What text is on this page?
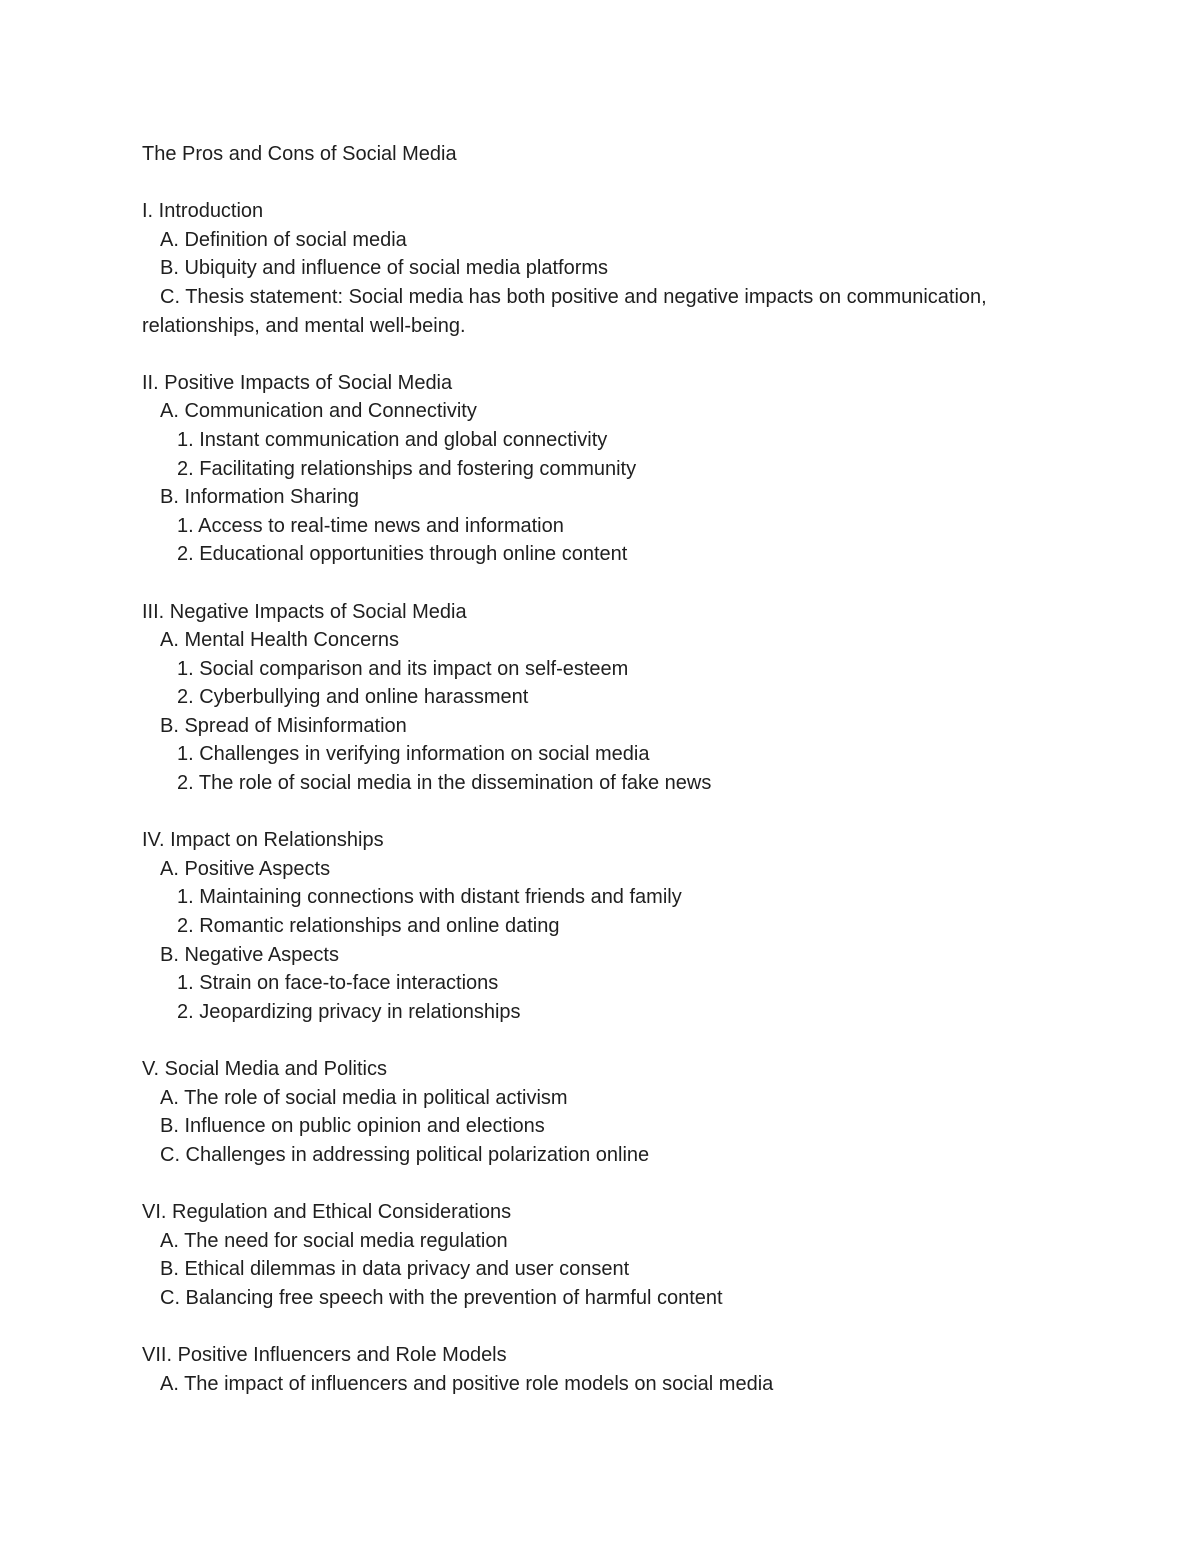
The Pros and Cons of Social Media
I. Introduction
A. Definition of social media
B. Ubiquity and influence of social media platforms
C. Thesis statement: Social media has both positive and negative impacts on communication,
relationships, and mental well-being.
II. Positive Impacts of Social Media
A. Communication and Connectivity
1. Instant communication and global connectivity
2. Facilitating relationships and fostering community
B. Information Sharing
1. Access to real-time news and information
2. Educational opportunities through online content
III. Negative Impacts of Social Media
A. Mental Health Concerns
1. Social comparison and its impact on self-esteem
2. Cyberbullying and online harassment
B. Spread of Misinformation
1. Challenges in verifying information on social media
2. The role of social media in the dissemination of fake news
IV. Impact on Relationships
A. Positive Aspects
1. Maintaining connections with distant friends and family
2. Romantic relationships and online dating
B. Negative Aspects
1. Strain on face-to-face interactions
2. Jeopardizing privacy in relationships
V. Social Media and Politics
A. The role of social media in political activism
B. Influence on public opinion and elections
C. Challenges in addressing political polarization online
VI. Regulation and Ethical Considerations
A. The need for social media regulation
B. Ethical dilemmas in data privacy and user consent
C. Balancing free speech with the prevention of harmful content
VII. Positive Influencers and Role Models
A. The impact of influencers and positive role models on social media
